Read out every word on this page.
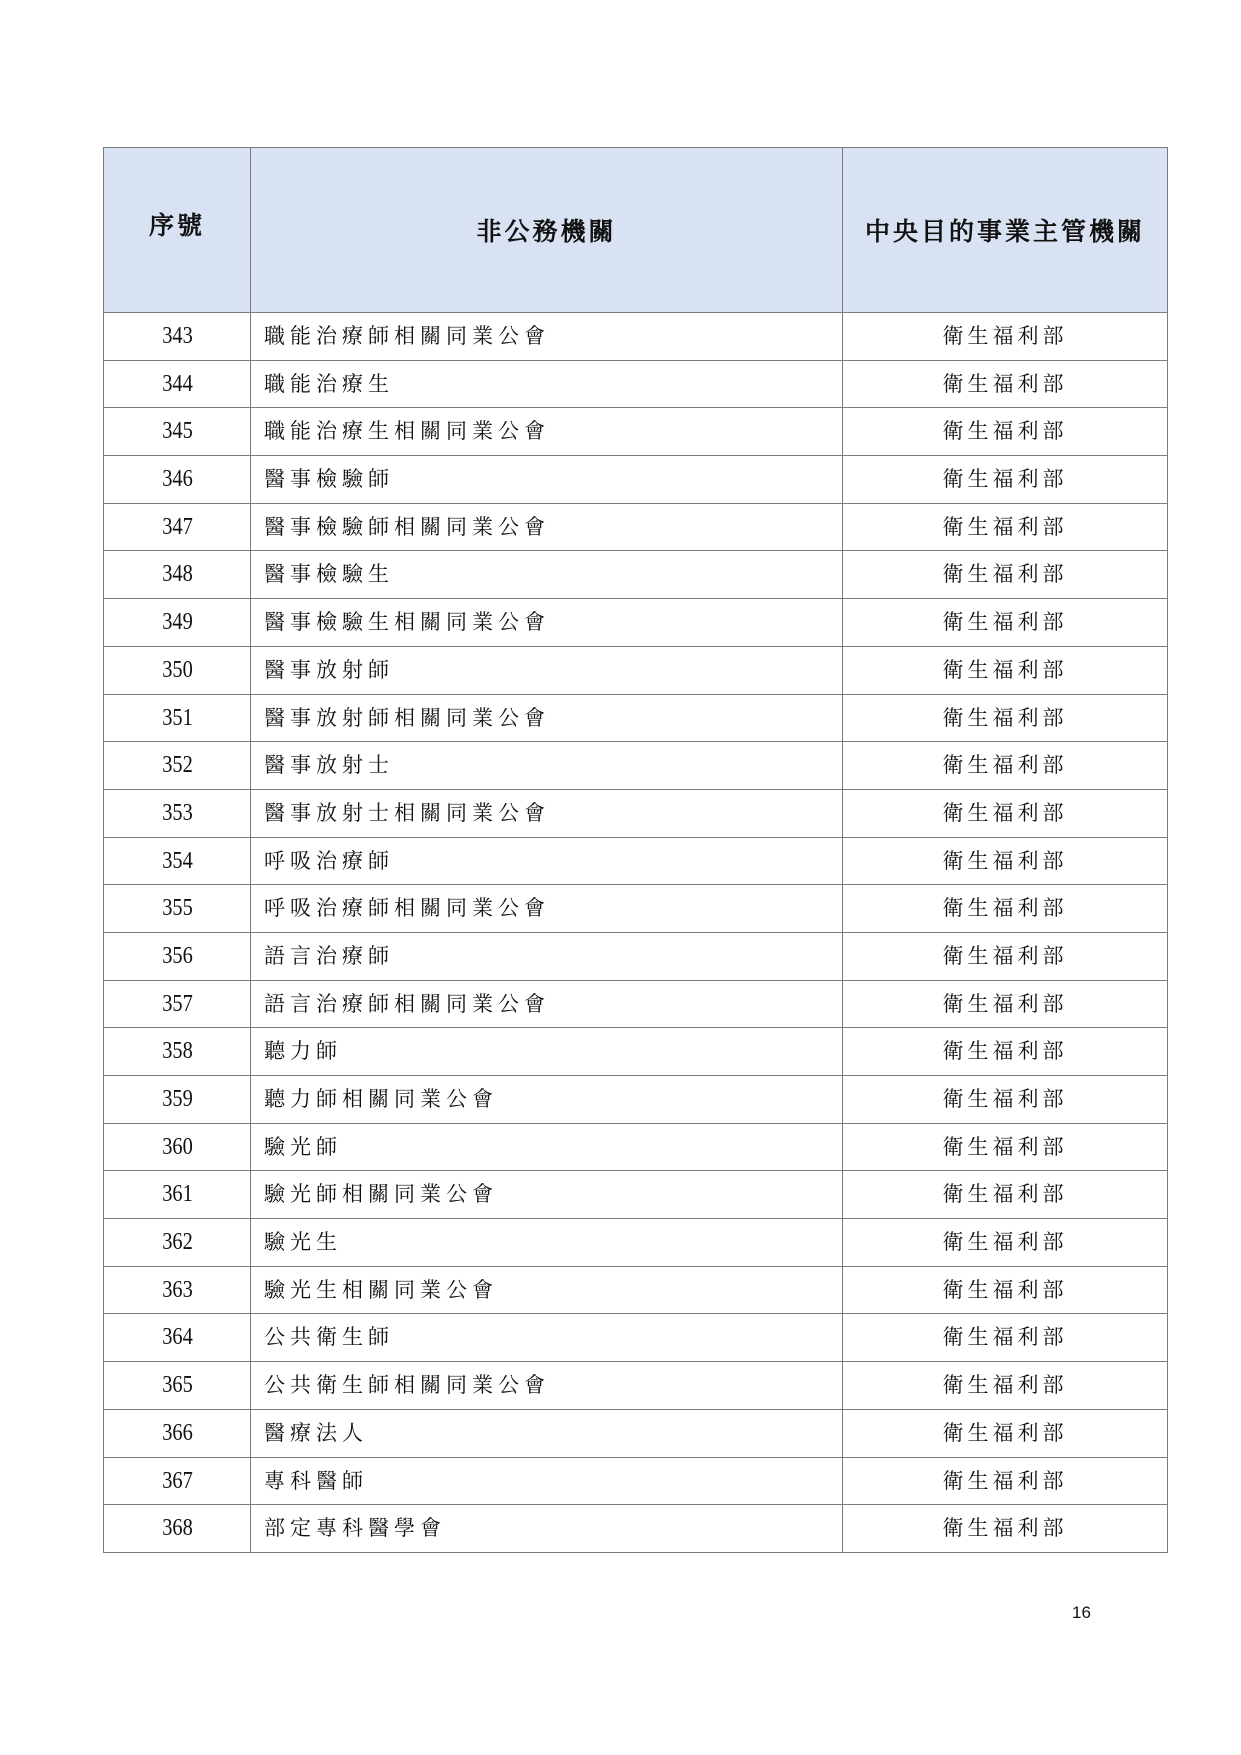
序號	非公務機關	中央目的事業主管機關
343	職能治療師相關同業公會	衛生福利部
344	職能治療生	衛生福利部
345	職能治療生相關同業公會	衛生福利部
346	醫事檢驗師	衛生福利部
347	醫事檢驗師相關同業公會	衛生福利部
348	醫事檢驗生	衛生福利部
349	醫事檢驗生相關同業公會	衛生福利部
350	醫事放射師	衛生福利部
351	醫事放射師相關同業公會	衛生福利部
352	醫事放射士	衛生福利部
353	醫事放射士相關同業公會	衛生福利部
354	呼吸治療師	衛生福利部
355	呼吸治療師相關同業公會	衛生福利部
356	語言治療師	衛生福利部
357	語言治療師相關同業公會	衛生福利部
358	聽力師	衛生福利部
359	聽力師相關同業公會	衛生福利部
360	驗光師	衛生福利部
361	驗光師相關同業公會	衛生福利部
362	驗光生	衛生福利部
363	驗光生相關同業公會	衛生福利部
364	公共衛生師	衛生福利部
365	公共衛生師相關同業公會	衛生福利部
366	醫療法人	衛生福利部
367	專科醫師	衛生福利部
368	部定專科醫學會	衛生福利部
16
